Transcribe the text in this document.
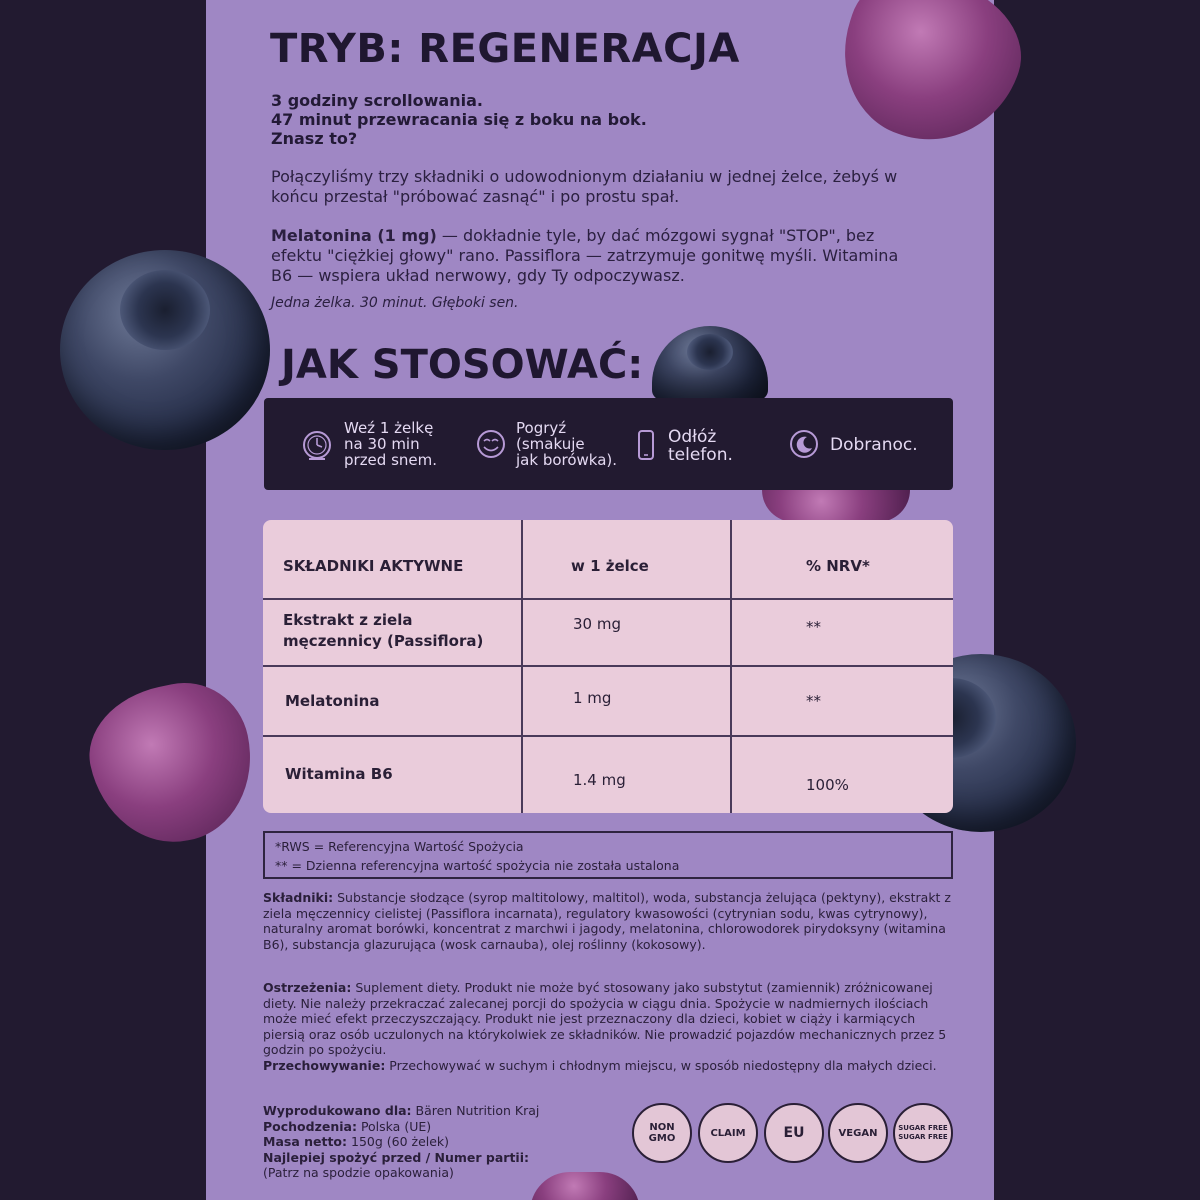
TRYB: REGENERACJA
3 godziny scrollowania.
47 minut przewracania się z boku na bok.
Znasz to?
Połączyliśmy trzy składniki o udowodnionym działaniu w jednej żelce, żebyś w końcu przestał "próbować zasnąć" i po prostu spał.
Melatonina (1 mg) — dokładnie tyle, by dać mózgowi sygnał "STOP", bez efektu "ciężkiej głowy" rano. Passiflora — zatrzymuje gonitwę myśli. Witamina B6 — wspiera układ nerwowy, gdy Ty odpoczywasz.
Jedna żelka. 30 minut. Głęboki sen.
JAK STOSOWAĆ:
Weź 1 żelkę
na 30 min
przed snem.
Pogryź
(smakuje
jak borówka).
Odłóż
telefon.	Dobranoc.
SKŁADNIKI AKTYWNE	w 1 żelce	% NRV*
Ekstrakt z ziela
męczennicy (Passiflora)
30 mg	**
Melatonina	1 mg	**
Witamina B6	1.4 mg	100%
*RWS = Referencyjna Wartość Spożycia
** = Dzienna referencyjna wartość spożycia nie została ustalona
Składniki: Substancje słodzące (syrop maltitolowy, maltitol), woda, substancja żelująca (pektyny), ekstrakt z ziela męczennicy cielistej (Passiflora incarnata), regulatory kwasowości (cytrynian sodu, kwas cytrynowy), naturalny aromat borówki, koncentrat z marchwi i jagody, melatonina, chlorowodorek pirydoksyny (witamina B6), substancja glazurująca (wosk carnauba), olej roślinny (kokosowy).
Ostrzeżenia: Suplement diety. Produkt nie może być stosowany jako substytut (zamiennik) zróżnicowanej diety. Nie należy przekraczać zalecanej porcji do spożycia w ciągu dnia. Spożycie w nadmiernych ilościach może mieć efekt przeczyszczający. Produkt nie jest przeznaczony dla dzieci, kobiet w ciąży i karmiących piersią oraz osób uczulonych na którykolwiek ze składników. Nie prowadzić pojazdów mechanicznych przez 5 godzin po spożyciu.
Przechowywanie: Przechowywać w suchym i chłodnym miejscu, w sposób niedostępny dla małych dzieci.
Wyprodukowano dla: Bären Nutrition Kraj
Pochodzenia: Polska (UE)
Masa netto: 150g (60 żelek)
Najlepiej spożyć przed / Numer partii:
(Patrz na spodzie opakowania)
NON
GMO	CLAIM	EU	VEGAN	SUGAR FREE
SUGAR FREE
